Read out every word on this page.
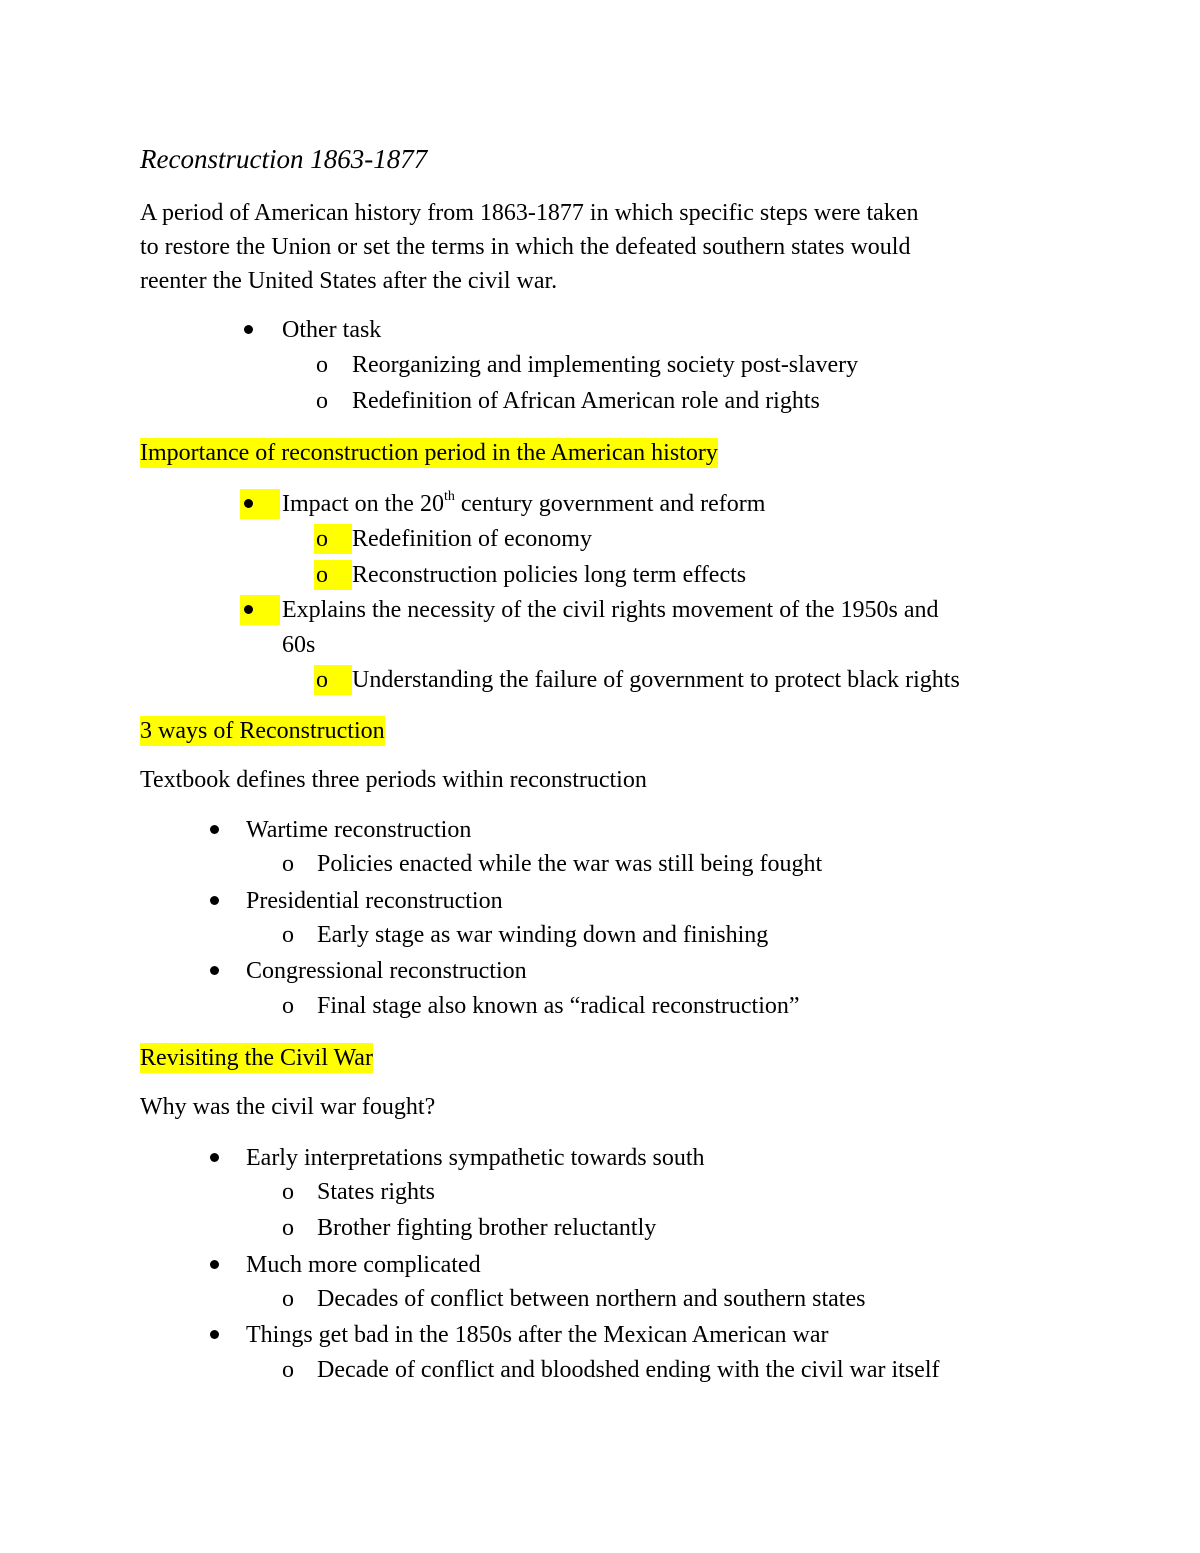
Reconstruction 1863-1877
A period of American history from 1863-1877 in which specific steps were taken
to restore the Union or set the terms in which the defeated southern states would
reenter the United States after the civil war.
Other task
o Reorganizing and implementing society post-slavery
o Redefinition of African American role and rights
Importance of reconstruction period in the American history
Impact on the 20th century government and reform
o	Redefinition of economy
o	Reconstruction policies long term effects
Explains the necessity of the civil rights movement of the 1950s and
60s
o	Understanding the failure of government to protect black rights
3 ways of Reconstruction
Textbook defines three periods within reconstruction
Wartime reconstruction
o Policies enacted while the war was still being fought
Presidential reconstruction
o Early stage as war winding down and finishing
Congressional reconstruction
o Final stage also known as “radical reconstruction”
Revisiting the Civil War
Why was the civil war fought?
Early interpretations sympathetic towards south
o States rights
o Brother fighting brother reluctantly
Much more complicated
o Decades of conflict between northern and southern states
Things get bad in the 1850s after the Mexican American war
o Decade of conflict and bloodshed ending with the civil war itself
